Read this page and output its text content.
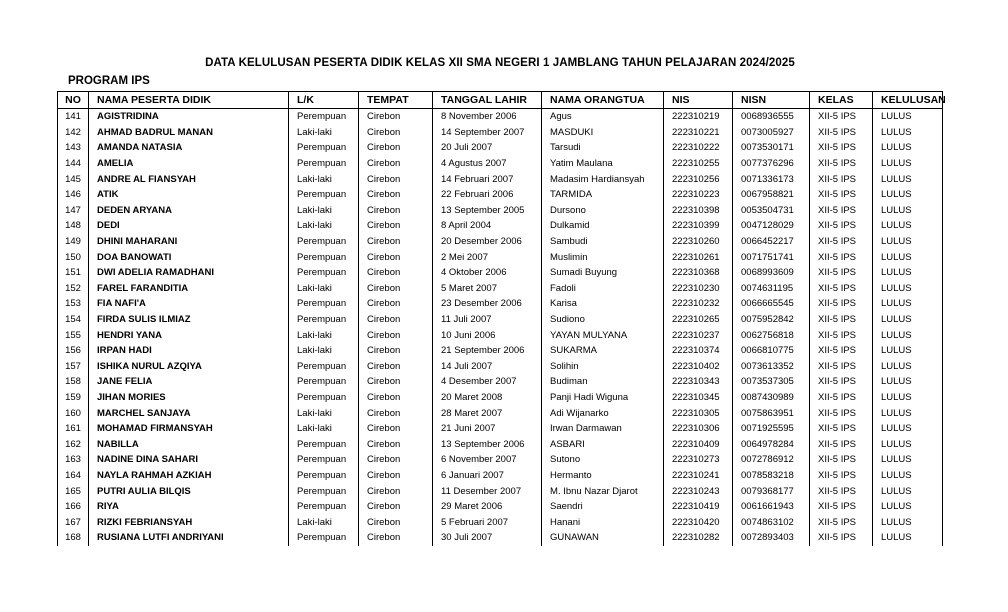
DATA KELULUSAN PESERTA DIDIK KELAS XII SMA NEGERI 1 JAMBLANG TAHUN PELAJARAN 2024/2025
PROGRAM IPS
NO	NAMA PESERTA DIDIK	L/K	TEMPAT	TANGGAL LAHIR	NAMA ORANGTUA	NIS	NISN	KELAS	KELULUSAN
141	AGISTRIDINA	Perempuan	Cirebon	8 November 2006	Agus	222310219	0068936555	XII-5 IPS	LULUS
142	AHMAD BADRUL MANAN	Laki-laki	Cirebon	14 September 2007	MASDUKI	222310221	0073005927	XII-5 IPS	LULUS
143	AMANDA NATASIA	Perempuan	Cirebon	20 Juli 2007	Tarsudi	222310222	0073530171	XII-5 IPS	LULUS
144	AMELIA	Perempuan	Cirebon	4 Agustus 2007	Yatim Maulana	222310255	0077376296	XII-5 IPS	LULUS
145	ANDRE AL FIANSYAH	Laki-laki	Cirebon	14 Februari 2007	Madasim Hardiansyah	222310256	0071336173	XII-5 IPS	LULUS
146	ATIK	Perempuan	Cirebon	22 Februari 2006	TARMIDA	222310223	0067958821	XII-5 IPS	LULUS
147	DEDEN ARYANA	Laki-laki	Cirebon	13 September 2005	Dursono	222310398	0053504731	XII-5 IPS	LULUS
148	DEDI	Laki-laki	Cirebon	8 April 2004	Dulkamid	222310399	0047128029	XII-5 IPS	LULUS
149	DHINI MAHARANI	Perempuan	Cirebon	20 Desember 2006	Sambudi	222310260	0066452217	XII-5 IPS	LULUS
150	DOA BANOWATI	Perempuan	Cirebon	2 Mei 2007	Muslimin	222310261	0071751741	XII-5 IPS	LULUS
151	DWI ADELIA RAMADHANI	Perempuan	Cirebon	4 Oktober 2006	Sumadi Buyung	222310368	0068993609	XII-5 IPS	LULUS
152	FAREL FARANDITIA	Laki-laki	Cirebon	5 Maret 2007	Fadoli	222310230	0074631195	XII-5 IPS	LULUS
153	FIA NAFI'A	Perempuan	Cirebon	23 Desember 2006	Karisa	222310232	0066665545	XII-5 IPS	LULUS
154	FIRDA SULIS ILMIAZ	Perempuan	Cirebon	11 Juli 2007	Sudiono	222310265	0075952842	XII-5 IPS	LULUS
155	HENDRI YANA	Laki-laki	Cirebon	10 Juni 2006	YAYAN MULYANA	222310237	0062756818	XII-5 IPS	LULUS
156	IRPAN HADI	Laki-laki	Cirebon	21 September 2006	SUKARMA	222310374	0066810775	XII-5 IPS	LULUS
157	ISHIKA NURUL AZQIYA	Perempuan	Cirebon	14 Juli 2007	Solihin	222310402	0073613352	XII-5 IPS	LULUS
158	JANE FELIA	Perempuan	Cirebon	4 Desember 2007	Budiman	222310343	0073537305	XII-5 IPS	LULUS
159	JIHAN MORIES	Perempuan	Cirebon	20 Maret 2008	Panji Hadi Wiguna	222310345	0087430989	XII-5 IPS	LULUS
160	MARCHEL SANJAYA	Laki-laki	Cirebon	28 Maret 2007	Adi Wijanarko	222310305	0075863951	XII-5 IPS	LULUS
161	MOHAMAD FIRMANSYAH	Laki-laki	Cirebon	21 Juni 2007	Irwan Darmawan	222310306	0071925595	XII-5 IPS	LULUS
162	NABILLA	Perempuan	Cirebon	13 September 2006	ASBARI	222310409	0064978284	XII-5 IPS	LULUS
163	NADINE DINA SAHARI	Perempuan	Cirebon	6 November 2007	Sutono	222310273	0072786912	XII-5 IPS	LULUS
164	NAYLA RAHMAH AZKIAH	Perempuan	Cirebon	6 Januari 2007	Hermanto	222310241	0078583218	XII-5 IPS	LULUS
165	PUTRI AULIA BILQIS	Perempuan	Cirebon	11 Desember 2007	M. Ibnu Nazar Djarot	222310243	0079368177	XII-5 IPS	LULUS
166	RIYA	Perempuan	Cirebon	29 Maret 2006	Saendri	222310419	0061661943	XII-5 IPS	LULUS
167	RIZKI FEBRIANSYAH	Laki-laki	Cirebon	5 Februari 2007	Hanani	222310420	0074863102	XII-5 IPS	LULUS
168	RUSIANA LUTFI ANDRIYANI	Perempuan	Cirebon	30 Juli 2007	GUNAWAN	222310282	0072893403	XII-5 IPS	LULUS
